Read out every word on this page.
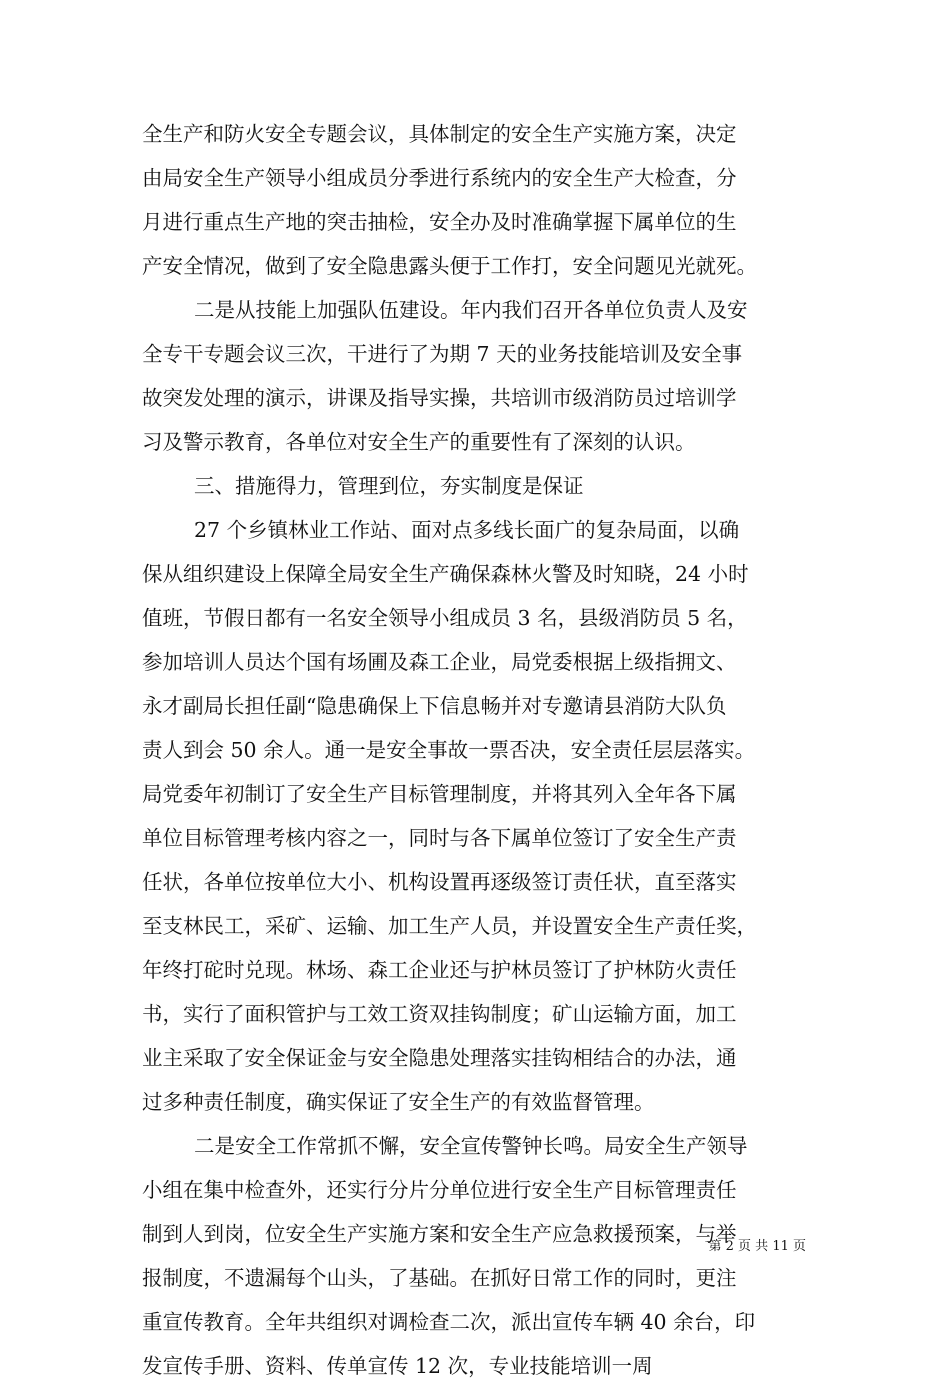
全生产和防火安全专题会议，具体制定的安全生产实施方案，决定
由局安全生产领导小组成员分季进行系统内的安全生产大检查，分
月进行重点生产地的突击抽检，安全办及时准确掌握下属单位的生
产安全情况，做到了安全隐患露头便于工作打，安全问题见光就死。
二是从技能上加强队伍建设。年内我们召开各单位负责人及安
全专干专题会议三次，干进行了为期 7 天的业务技能培训及安全事
故突发处理的演示，讲课及指导实操，共培训市级消防员过培训学
习及警示教育，各单位对安全生产的重要性有了深刻的认识。
三、措施得力，管理到位，夯实制度是保证
27 个乡镇林业工作站、面对点多线长面广的复杂局面，以确
保从组织建设上保障全局安全生产确保森林火警及时知晓，24 小时
值班，节假日都有一名安全领导小组成员 3 名，县级消防员 5 名，
参加培训人员达个国有场圃及森工企业，局党委根据上级指拥文、
永才副局长担任副“隐患确保上下信息畅并对专邀请县消防大队负
责人到会 50 余人。通一是安全事故一票否决，安全责任层层落实。
局党委年初制订了安全生产目标管理制度，并将其列入全年各下属
单位目标管理考核内容之一，同时与各下属单位签订了安全生产责
任状，各单位按单位大小、机构设置再逐级签订责任状，直至落实
至支林民工，采矿、运输、加工生产人员，并设置安全生产责任奖，
年终打砣时兑现。林场、森工企业还与护林员签订了护林防火责任
书，实行了面积管护与工效工资双挂钩制度；矿山运输方面，加工
业主采取了安全保证金与安全隐患处理落实挂钩相结合的办法，通
过多种责任制度，确实保证了安全生产的有效监督管理。
二是安全工作常抓不懈，安全宣传警钟长鸣。局安全生产领导
小组在集中检查外，还实行分片分单位进行安全生产目标管理责任
制到人到岗，位安全生产实施方案和安全生产应急救援预案，与举
报制度，不遗漏每个山头，了基础。在抓好日常工作的同时，更注
重宣传教育。全年共组织对调检查二次，派出宣传车辆 40 余台，印
发宣传手册、资料、传单宣传 12 次，专业技能培训一周
第 2 页 共 11 页
